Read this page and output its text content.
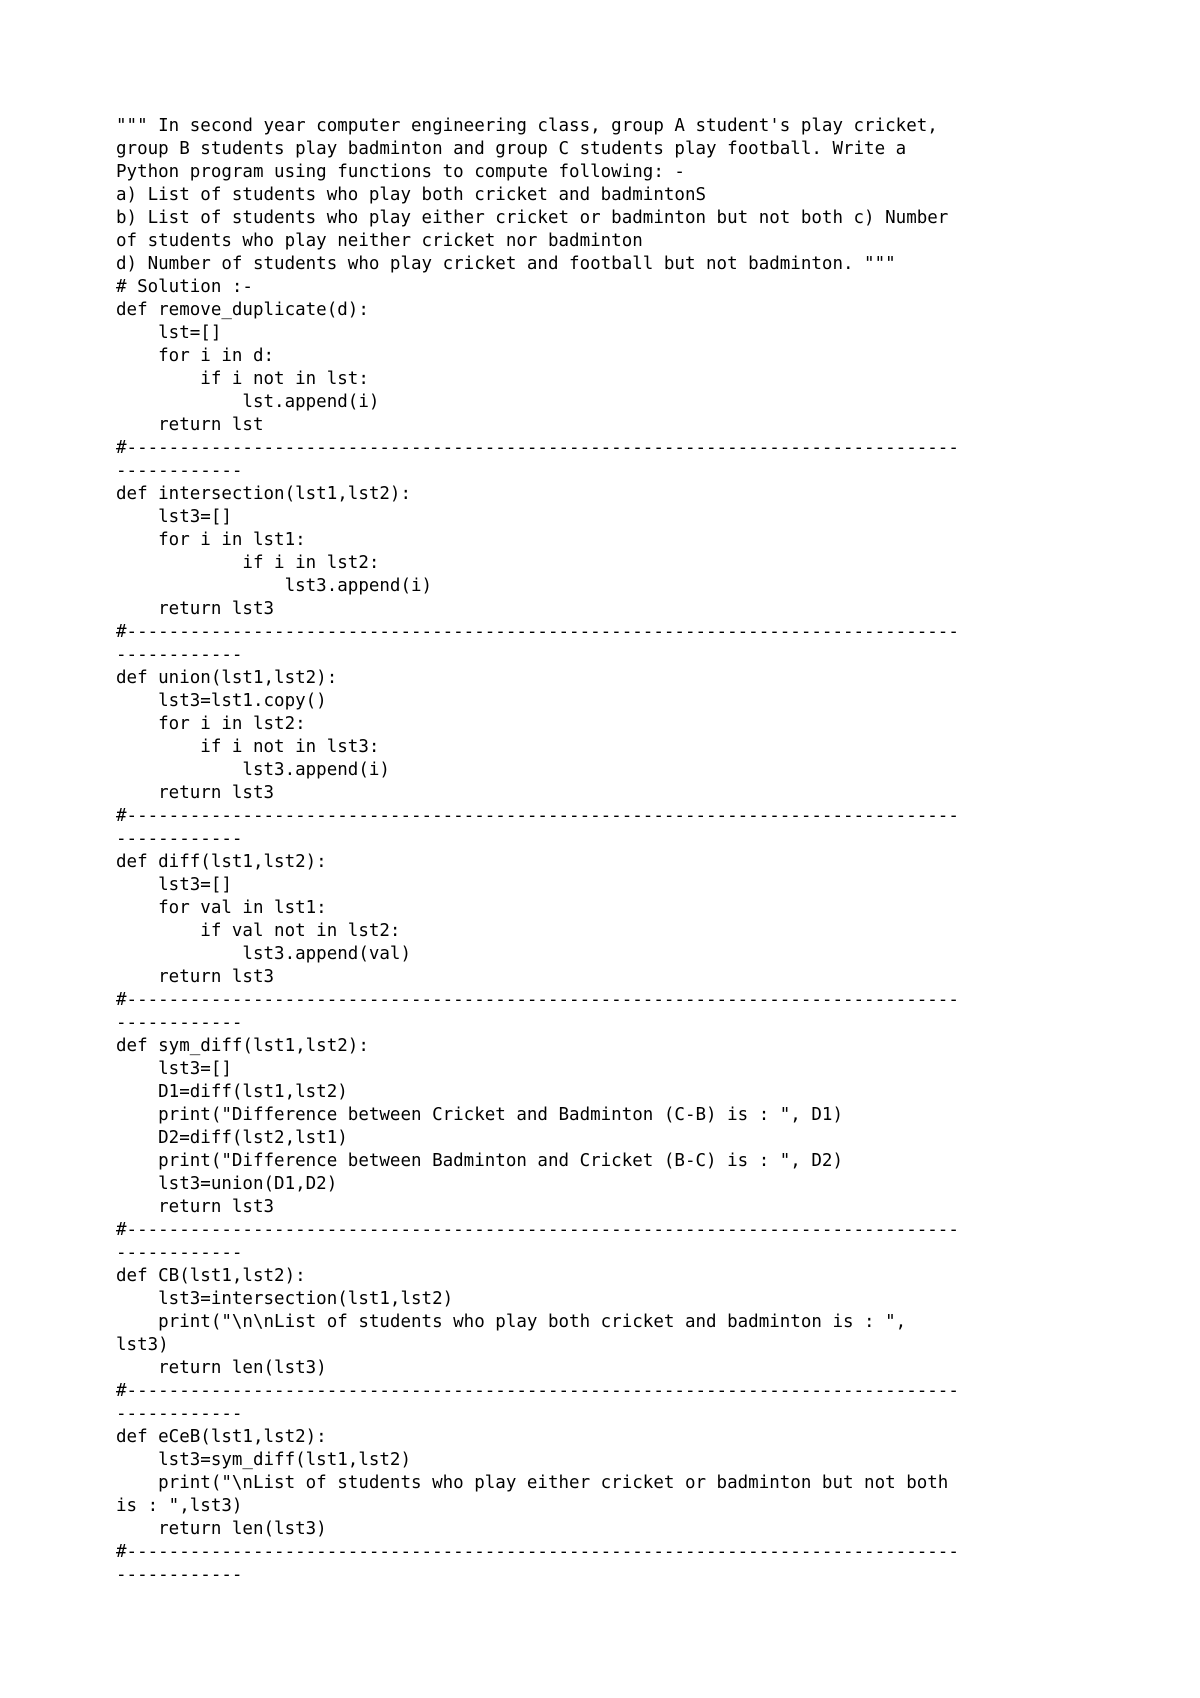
""" In second year computer engineering class, group A student's play cricket,
group B students play badminton and group C students play football. Write a
Python program using functions to compute following: -
a) List of students who play both cricket and badmintonS
b) List of students who play either cricket or badminton but not both c) Number
of students who play neither cricket nor badminton
d) Number of students who play cricket and football but not badminton. """
# Solution :-
def remove_duplicate(d):
lst=[]
for i in d:
if i not in lst:
lst.append(i)
return lst
#-------------------------------------------------------------------------------
------------
def intersection(lst1,lst2):
lst3=[]
for i in lst1:
if i in lst2:
lst3.append(i)
return lst3
#-------------------------------------------------------------------------------
------------
def union(lst1,lst2):
lst3=lst1.copy()
for i in lst2:
if i not in lst3:
lst3.append(i)
return lst3
#-------------------------------------------------------------------------------
------------
def diff(lst1,lst2):
lst3=[]
for val in lst1:
if val not in lst2:
lst3.append(val)
return lst3
#-------------------------------------------------------------------------------
------------
def sym_diff(lst1,lst2):
lst3=[]
D1=diff(lst1,lst2)
print("Difference between Cricket and Badminton (C-B) is : ", D1)
D2=diff(lst2,lst1)
print("Difference between Badminton and Cricket (B-C) is : ", D2)
lst3=union(D1,D2)
return lst3
#-------------------------------------------------------------------------------
------------
def CB(lst1,lst2):
lst3=intersection(lst1,lst2)
print("\n\nList of students who play both cricket and badminton is : ",
lst3)
return len(lst3)
#-------------------------------------------------------------------------------
------------
def eCeB(lst1,lst2):
lst3=sym_diff(lst1,lst2)
print("\nList of students who play either cricket or badminton but not both
is : ",lst3)
return len(lst3)
#-------------------------------------------------------------------------------
------------
